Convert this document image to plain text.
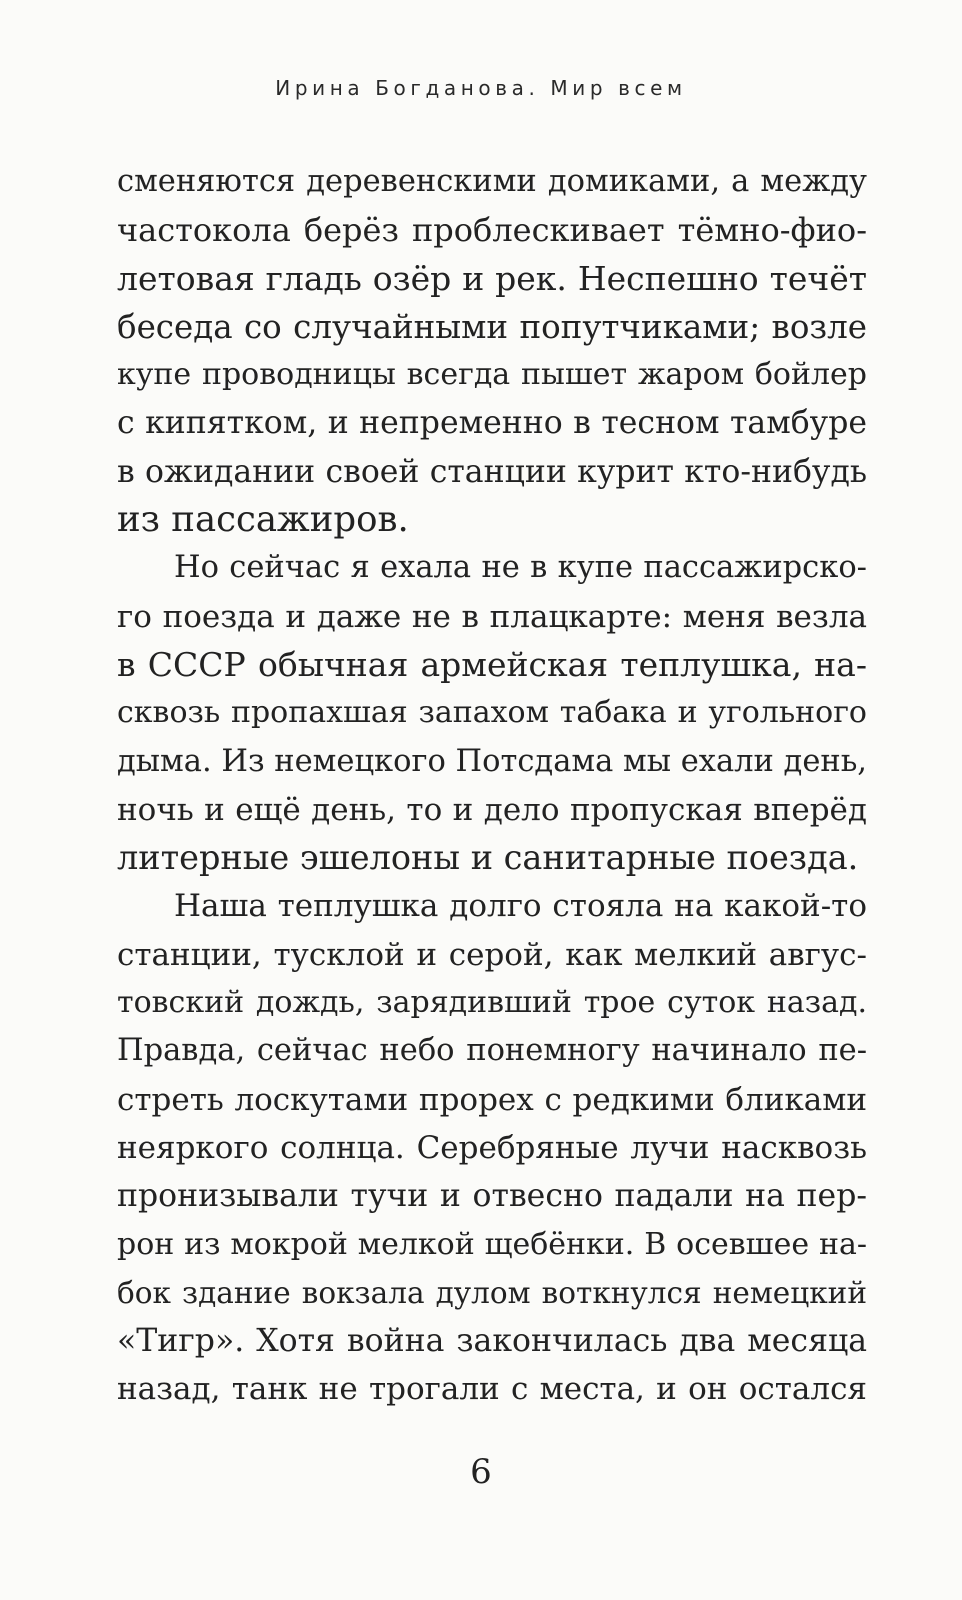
Ирина Богданова. Мир всем
сменяются деревенскими домиками, а между
частокола берёз проблескивает тёмно-фио-
летовая гладь озёр и рек. Неспешно течёт
беседа со случайными попутчиками; возле
купе проводницы всегда пышет жаром бойлер
с кипятком, и непременно в тесном тамбуре
в ожидании своей станции курит кто-нибудь
из пассажиров.
Но сейчас я ехала не в купе пассажирско-
го поезда и даже не в плацкарте: меня везла
в СССР обычная армейская теплушка, на-
сквозь пропахшая запахом табака и угольного
дыма. Из немецкого Потсдама мы ехали день,
ночь и ещё день, то и дело пропуская вперёд
литерные эшелоны и санитарные поезда.
Наша теплушка долго стояла на какой-то
станции, тусклой и серой, как мелкий авгус-
товский дождь, зарядивший трое суток назад.
Правда, сейчас небо понемногу начинало пе-
стреть лоскутами прорех с редкими бликами
неяркого солнца. Серебряные лучи насквозь
пронизывали тучи и отвесно падали на пер-
рон из мокрой мелкой щебёнки. В осевшее на-
бок здание вокзала дулом воткнулся немецкий
«Тигр». Хотя война закончилась два месяца
назад, танк не трогали с места, и он остался
6
